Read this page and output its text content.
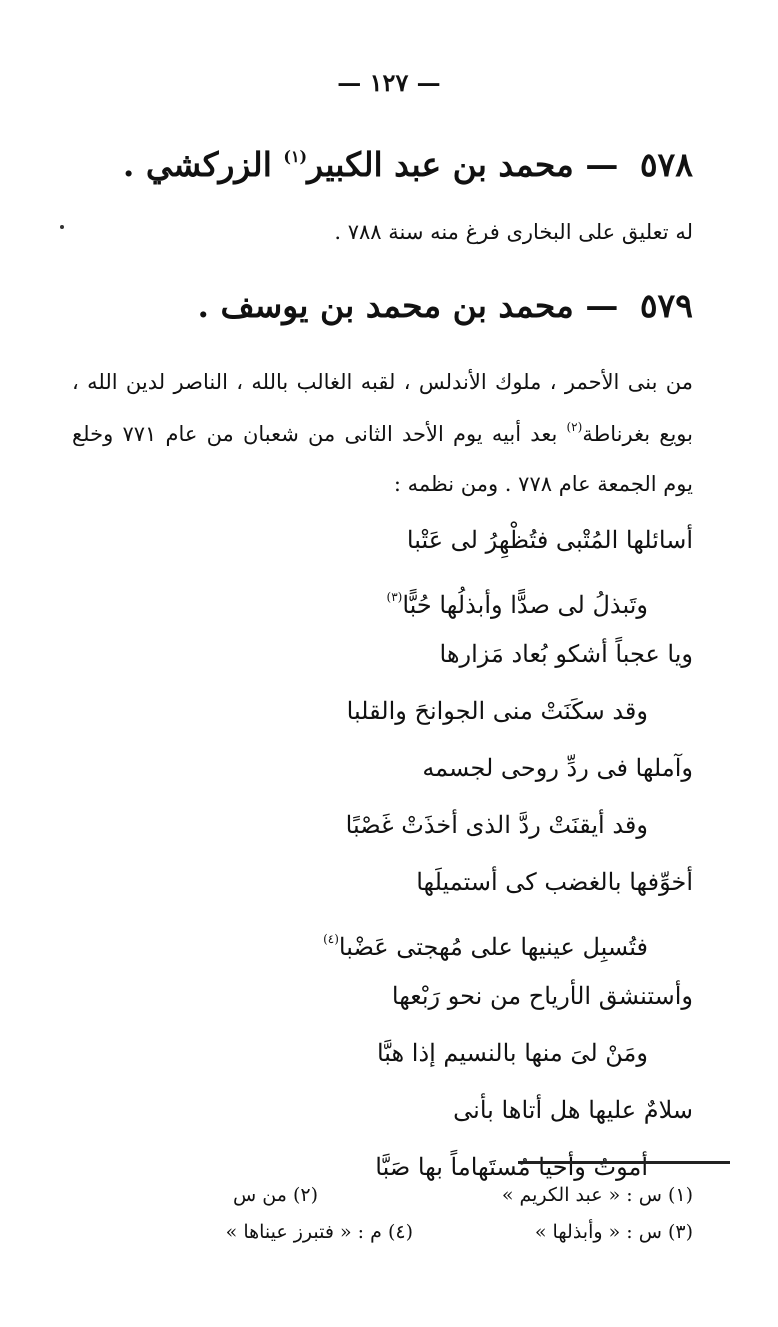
— ١٢٧ —
٥٧٨ — محمد بن عبد الكبير$^{(١)}$ الزركشي .
له تعليق على البخارى فرغ منه سنة ٧٨٨ .
٥٧٩ — محمد بن محمد بن يوسف .
من بنى الأحمر ، ملوك الأندلس ، لقبه الغالب بالله ، الناصر لدين الله ،
بويع بغرناطة$^{(٢)}$ بعد أبيه يوم الأحد الثانى من شعبان من عام ٧٧١ وخلع
يوم الجمعة عام ٧٧٨ . ومن نظمه :
أسائلها المُتْبى فتُظْهِرُ لى عَتْبا
وتَبذلُ لى صدًّا وأبذلُها حُبًّا$^{(٣)}$
ويا عجباً أشكو بُعاد مَزارها
وقد سكَنَتْ منى الجوانحَ والقلبا
وآملها فى ردِّ روحى لجسمه
وقد أيقنَتْ ردَّ الذى أخذَتْ غَصْبًا
أخوِّفها بالغضب كى أستميلَها
فتُسبِل عينيها على مُهجتى عَضْبا$^{(٤)}$
وأستنشق الأرياح من نحو رَبْعها
ومَنْ لىَ منها بالنسيم إذا هبَّا
سلامٌ عليها هل أتاها بأنى
أموتُ وأحيا مُستَهاماً بها صَبَّا
(١) س : « عبد الكريم »
(٢) من س
(٣) س : « وأبذلها »
(٤) م : « فتبرز عيناها »
